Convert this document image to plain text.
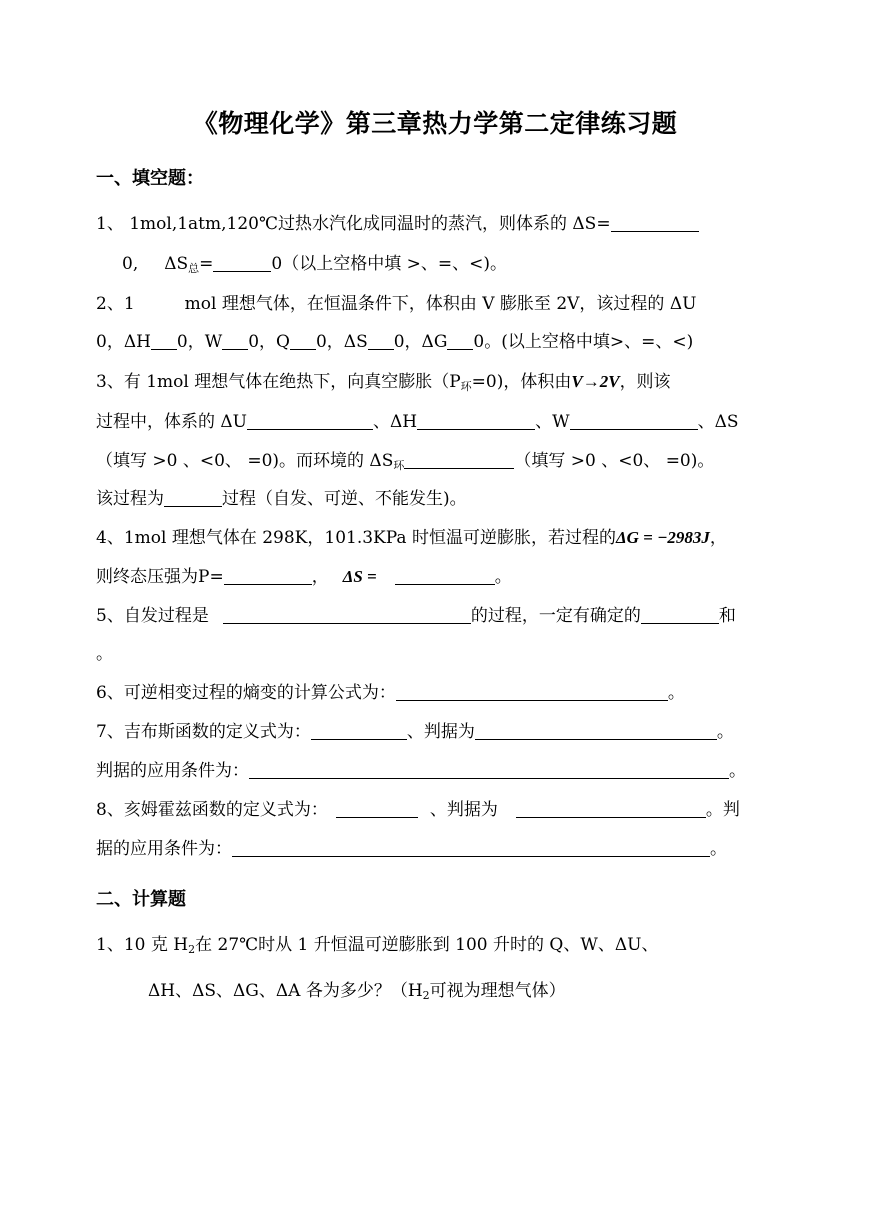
《物理化学》第三章热力学第二定律练习题
一、填空题：
1、 1mol,1atm,120℃过热水汽化成同温时的蒸汽，则体系的 ΔS=
0, $\Delta S_总=$	0（以上空格中填 >、=、<)。
2、1	mol 理想气体，在恒温条件下，体积由 V 膨胀至 2V，该过程的 ΔU
0，ΔH 0，W 0，Q 0，ΔS 0，ΔG 0。(以上空格中填>、=、<)
3、有 1mol 理想气体在绝热下，向真空膨胀$(P_环=0)$，体积由V→2V，则该
过程中，体系的 ΔU	、ΔH	、W	、ΔS
（填写 >0 、<0、 =0)。而环境的 $\Delta S_环$	（填写 >0 、<0、 =0)。
该过程为	过程（自发、可逆、不能发生)。
4、1mol 理想气体在 298K，101.3KPa 时恒温可逆膨胀，若过程的ΔG = −2983J，
则终态压强为P=	， ΔS =	。
5、自发过程是	的过程，一定有确定的	和
。
6、可逆相变过程的熵变的计算公式为：	。
7、吉布斯函数的定义式为：	、判据为	。
判据的应用条件为：	。
8、亥姆霍兹函数的定义式为：	、判据为	。判
据的应用条件为：	。
二、计算题
1、10 克 $H_2$在 27℃时从 1 升恒温可逆膨胀到 100 升时的 Q、W、ΔU、
ΔH、ΔS、ΔG、ΔA 各为多少？（$H_2$可视为理想气体）
